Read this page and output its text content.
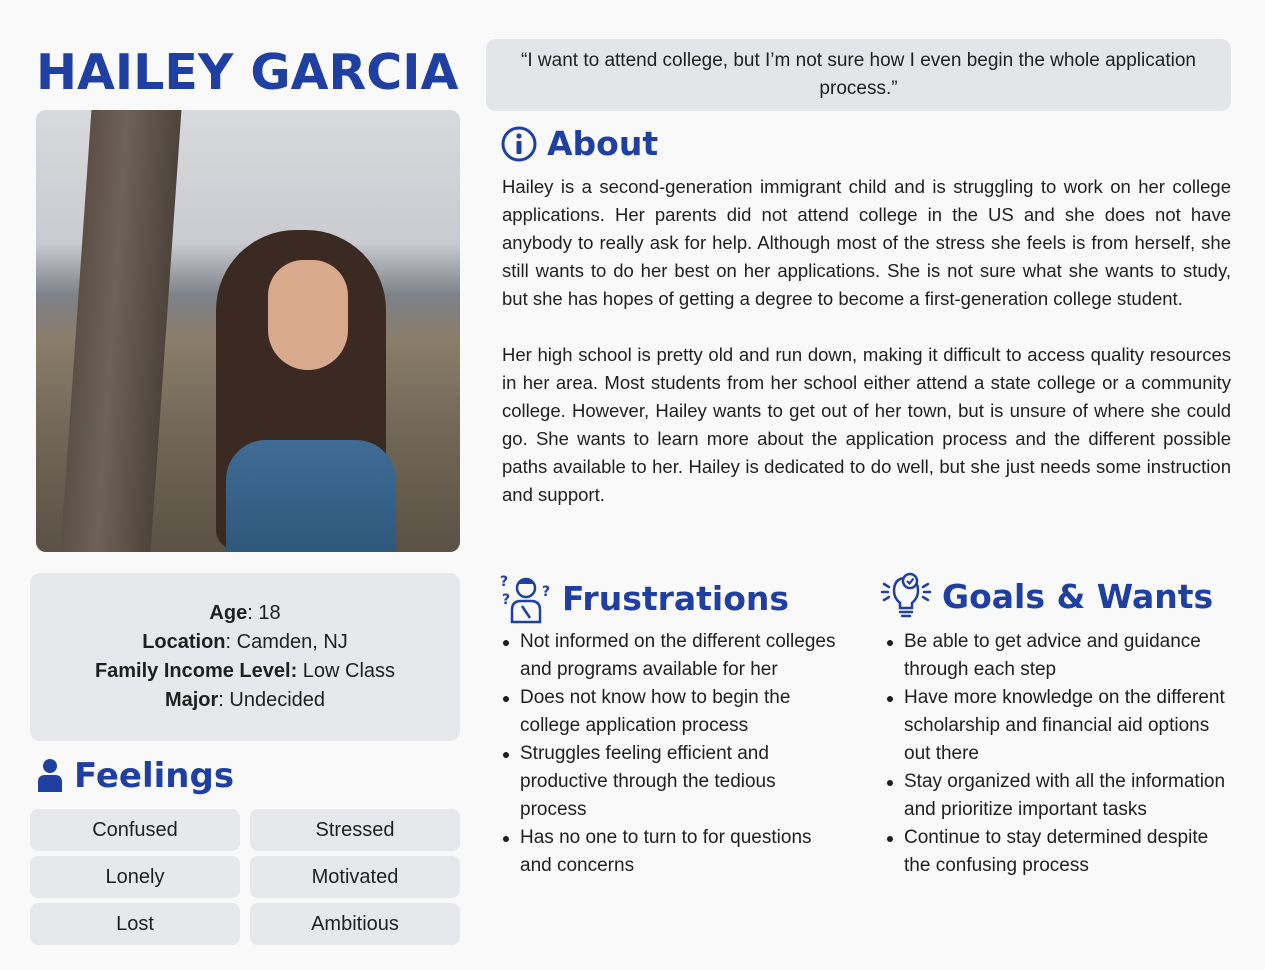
HAILEY GARCIA
Age: 18
Location: Camden, NJ
Family Income Level: Low Class
Major: Undecided
Feelings
Confused	Stressed
Lonely	Motivated
Lost	Ambitious
“I want to attend college, but I’m not sure how I even begin the whole application process.”
About

Hailey is a second-generation immigrant child and is struggling to work on her college applications. Her parents did not attend college in the US and she does not have anybody to really ask for help. Although most of the stress she feels is from herself, she still wants to do her best on her applications. She is not sure what she wants to study, but she has hopes of getting a degree to become a first-generation college student.

Her high school is pretty old and run down, making it difficult to access quality resources in her area. Most students from her school either attend a state college or a community college. However, Hailey wants to get out of her town, but is unsure of where she could go. She wants to learn more about the application process and the different possible paths available to her. Hailey is dedicated to do well, but she just needs some instruction and support.

?
? ? Frustrations
Not informed on the different colleges and programs available for her
Does not know how to begin the college application process
Struggles feeling efficient and productive through the tedious process
Has no one to turn to for questions and concerns
Goals & Wants
Be able to get advice and guidance through each step
Have more knowledge on the different scholarship and financial aid options out there
Stay organized with all the information and prioritize important tasks
Continue to stay determined despite the confusing process
